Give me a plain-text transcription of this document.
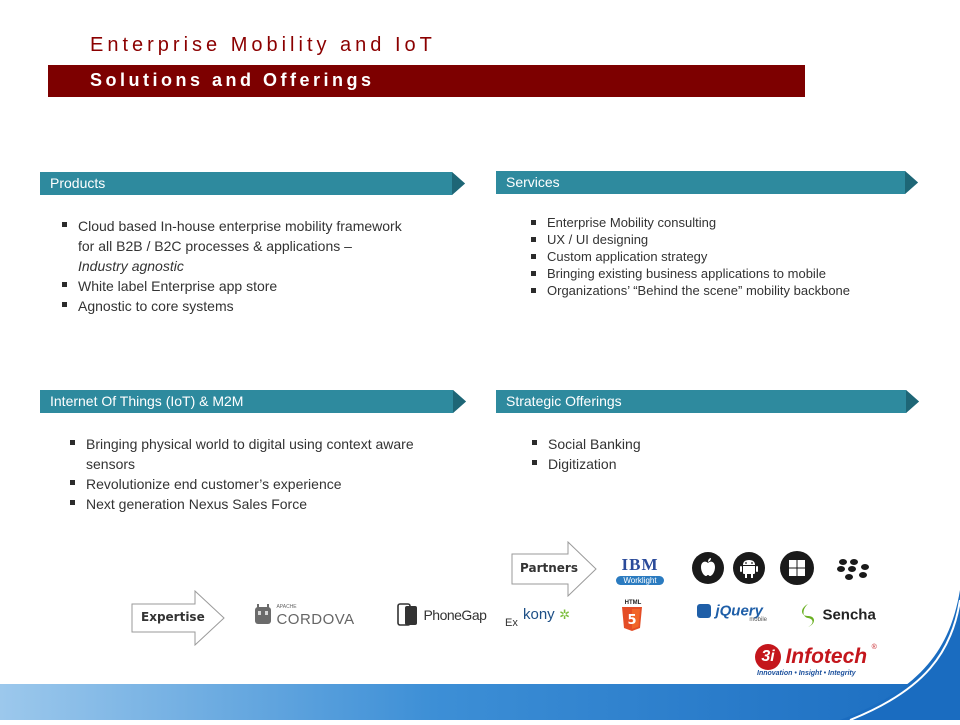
Enterprise Mobility and IoT
Solutions and Offerings
Products
Cloud based In-house enterprise mobility framework for all B2B / B2C processes & applications – Industry agnostic
White label Enterprise app store
Agnostic to core systems
Services
Enterprise Mobility consulting
UX / UI designing
Custom application strategy
Bringing existing business applications to mobile
Organizations’ “Behind the scene” mobility backbone
Internet Of Things (IoT) & M2M
Bringing physical world to digital using context aware sensors
Revolutionize end customer’s experience
Next generation Nexus Sales Force
Strategic Offerings
Social Banking
Digitization
Partners
Expertise
IBM
Worklight
Ex kony ✲
HTML
5
jQuery
mobile	Sencha

APACHE
CORDOVA	PhoneGap
3i Infotech ®
Innovation • Insight • Integrity
